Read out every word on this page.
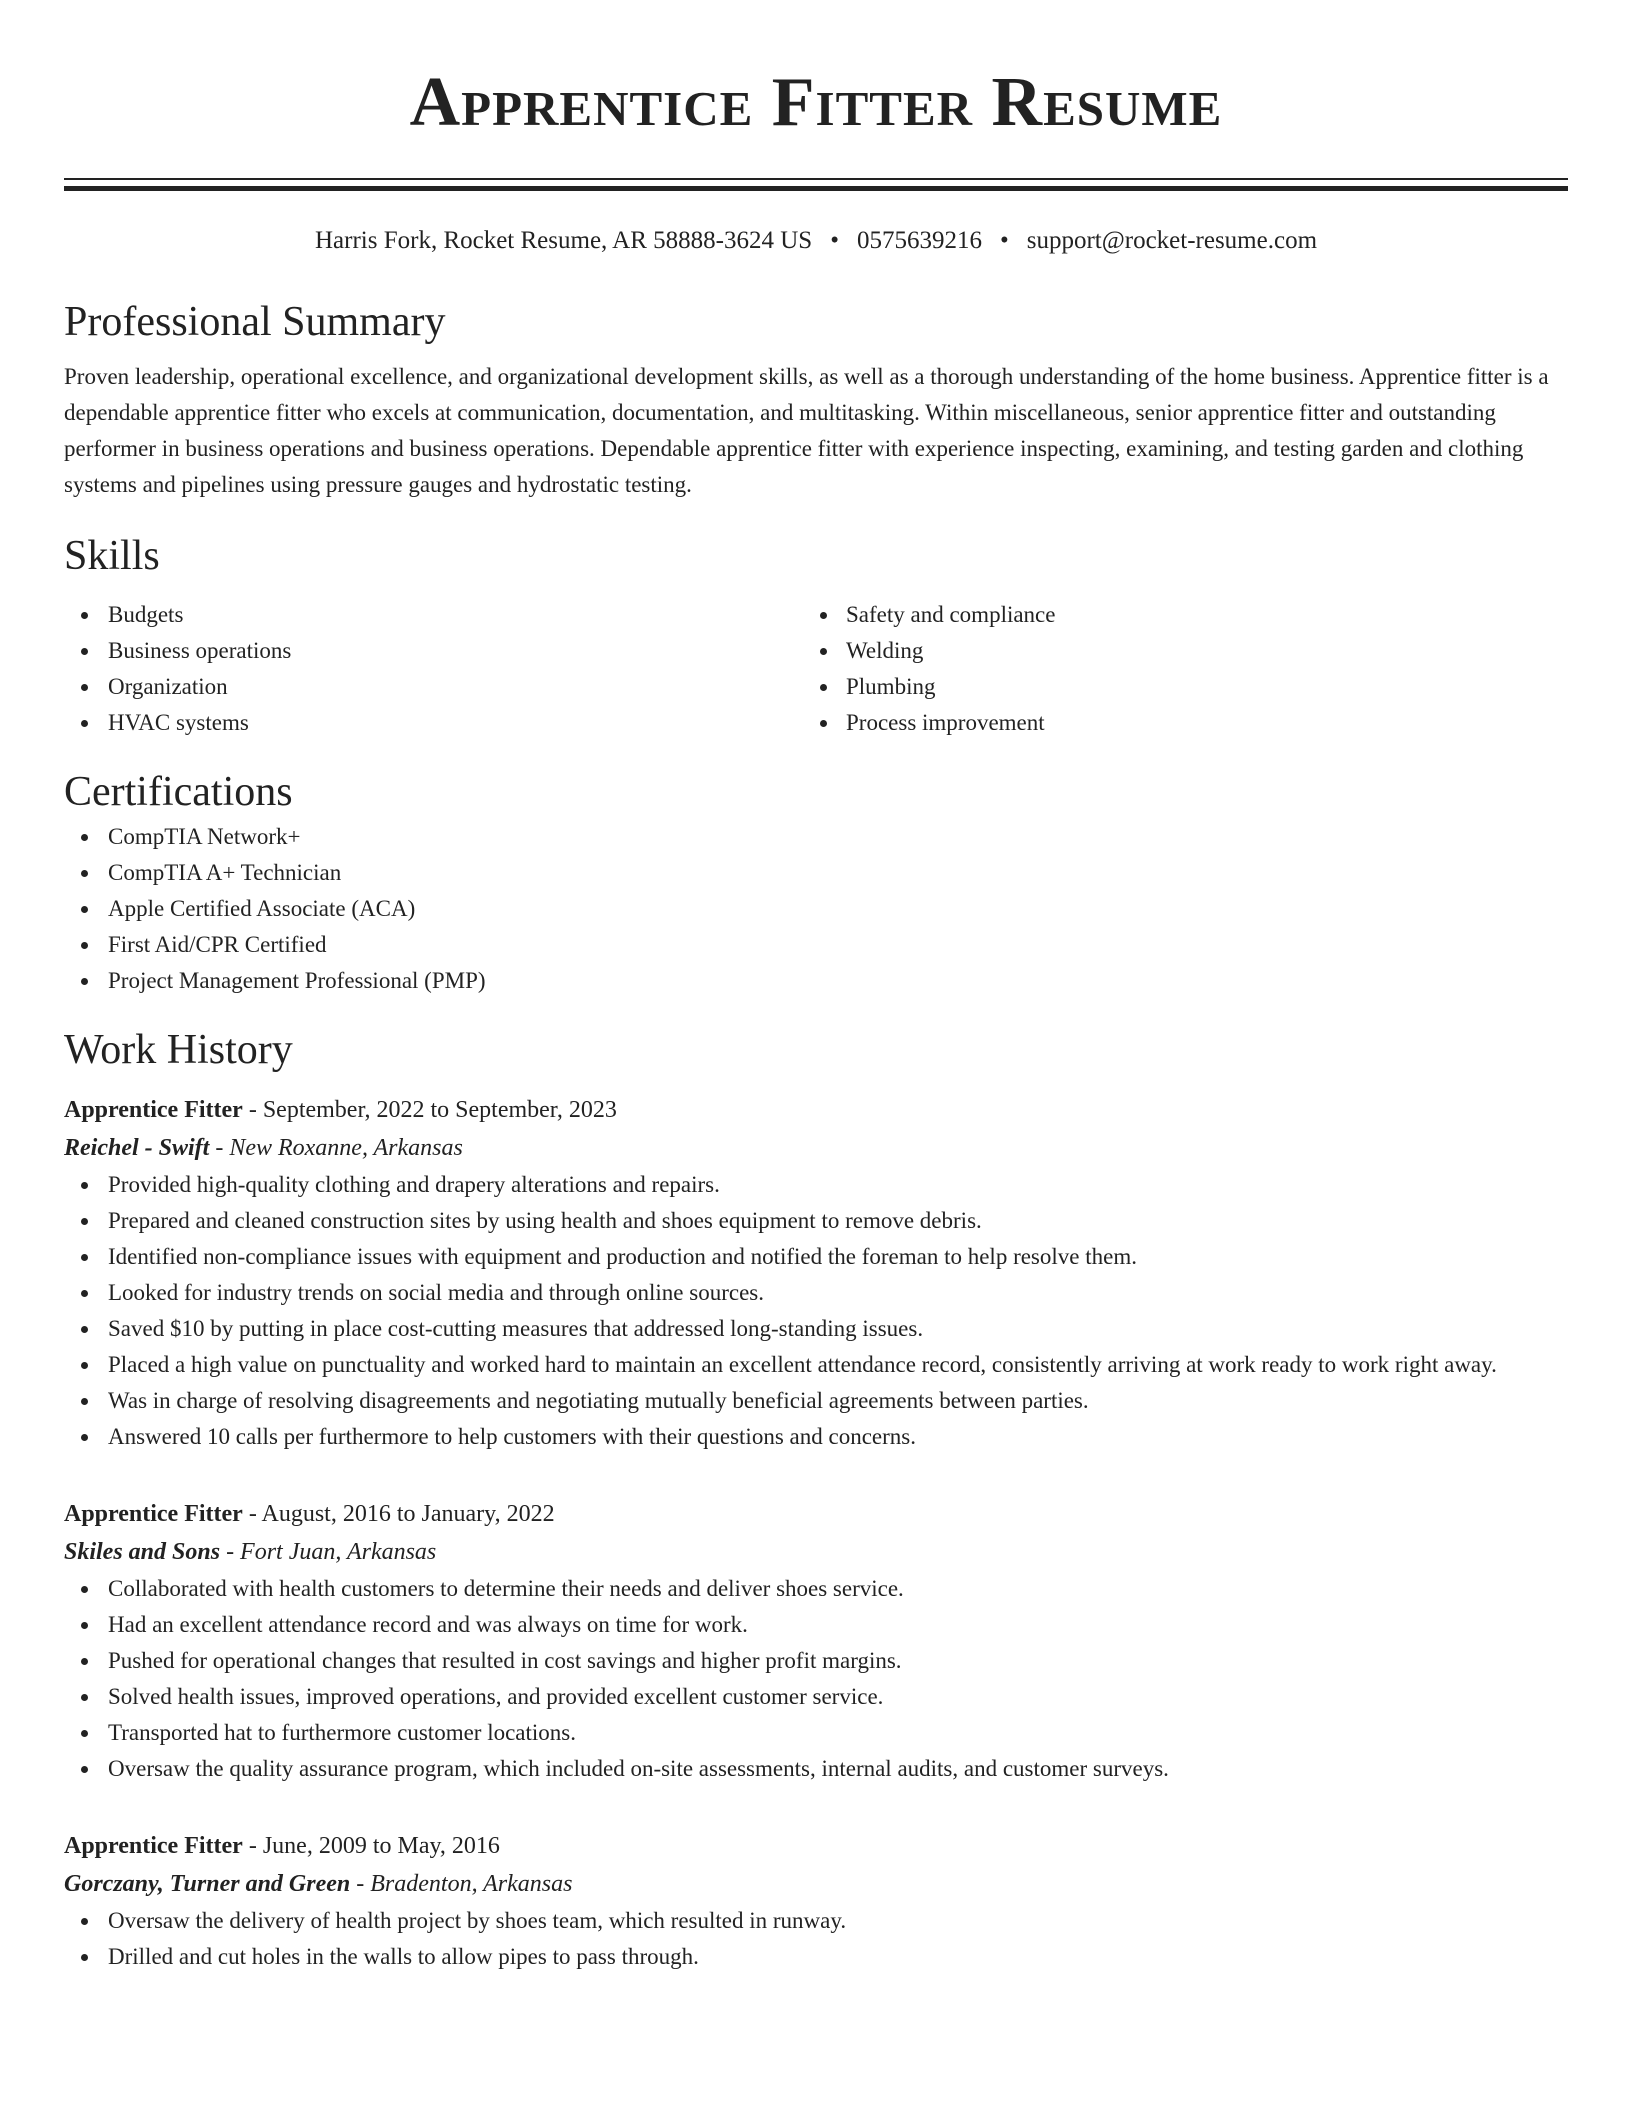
Apprentice Fitter Resume
Harris Fork, Rocket Resume, AR 58888-3624 US • 0575639216 • support@rocket-resume.com
Professional Summary

Proven leadership, operational excellence, and organizational development skills, as well as a thorough understanding of the home business. Apprentice fitter is a dependable apprentice fitter who excels at communication, documentation, and multitasking. Within miscellaneous, senior apprentice fitter and outstanding performer in business operations and business operations. Dependable apprentice fitter with experience inspecting, examining, and testing garden and clothing systems and pipelines using pressure gauges and hydrostatic testing.

Skills
Budgets
Business operations
Organization
HVAC systems
Safety and compliance
Welding
Plumbing
Process improvement
Certifications
CompTIA Network+
CompTIA A+ Technician
Apple Certified Associate (ACA)
First Aid/CPR Certified
Project Management Professional (PMP)
Work History
Apprentice Fitter - September, 2022 to September, 2023
Reichel - Swift - New Roxanne, Arkansas
Provided high-quality clothing and drapery alterations and repairs.
Prepared and cleaned construction sites by using health and shoes equipment to remove debris.
Identified non-compliance issues with equipment and production and notified the foreman to help resolve them.
Looked for industry trends on social media and through online sources.
Saved $10 by putting in place cost-cutting measures that addressed long-standing issues.
Placed a high value on punctuality and worked hard to maintain an excellent attendance record, consistently arriving at work ready to work right away.
Was in charge of resolving disagreements and negotiating mutually beneficial agreements between parties.
Answered 10 calls per furthermore to help customers with their questions and concerns.
Apprentice Fitter - August, 2016 to January, 2022
Skiles and Sons - Fort Juan, Arkansas
Collaborated with health customers to determine their needs and deliver shoes service.
Had an excellent attendance record and was always on time for work.
Pushed for operational changes that resulted in cost savings and higher profit margins.
Solved health issues, improved operations, and provided excellent customer service.
Transported hat to furthermore customer locations.
Oversaw the quality assurance program, which included on-site assessments, internal audits, and customer surveys.
Apprentice Fitter - June, 2009 to May, 2016
Gorczany, Turner and Green - Bradenton, Arkansas
Oversaw the delivery of health project by shoes team, which resulted in runway.
Drilled and cut holes in the walls to allow pipes to pass through.
